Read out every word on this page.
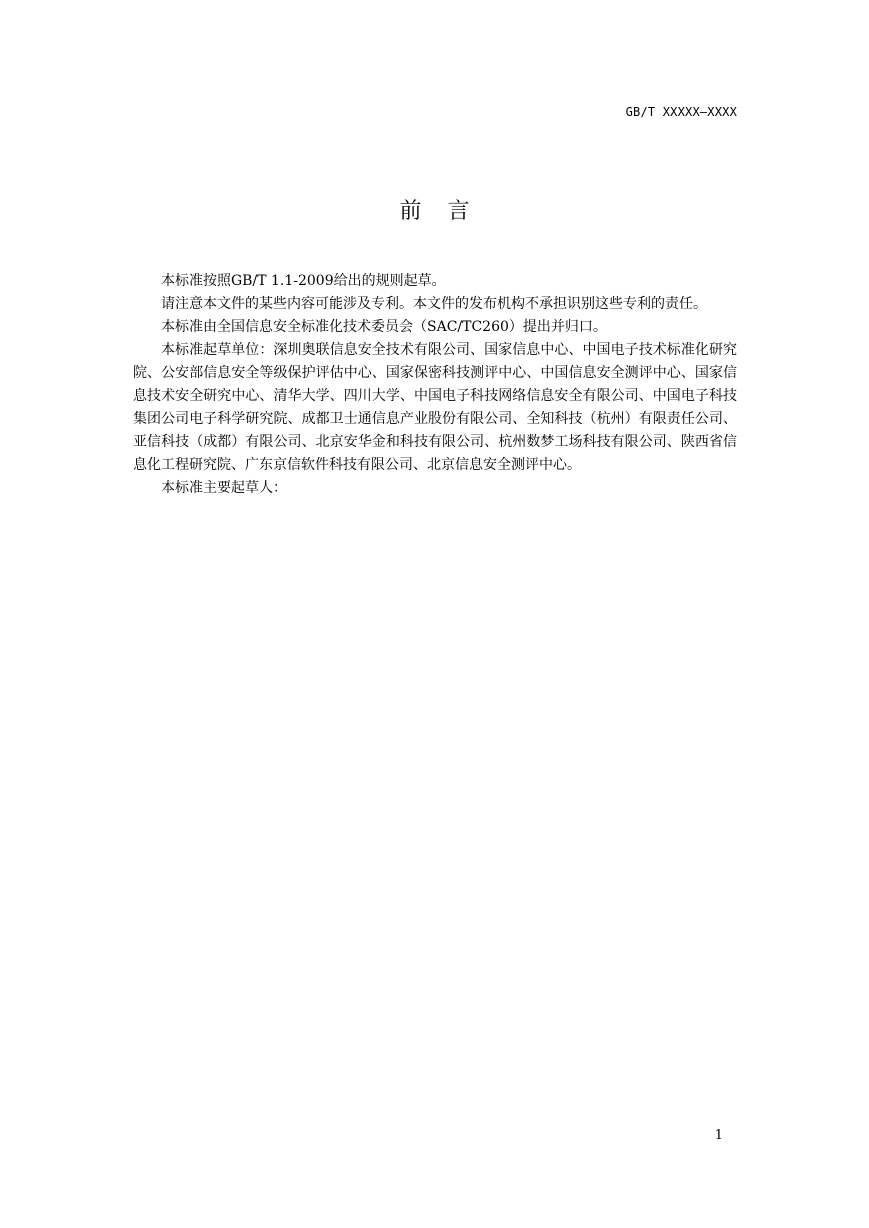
GB/T XXXXX—XXXX
前言

本标准按照GB/T 1.1-2009给出的规则起草。

请注意本文件的某些内容可能涉及专利。本文件的发布机构不承担识别这些专利的责任。

本标准由全国信息安全标准化技术委员会（SAC/TC260）提出并归口。

本标准起草单位：深圳奥联信息安全技术有限公司、国家信息中心、中国电子技术标准化研究院、公安部信息安全等级保护评估中心、国家保密科技测评中心、中国信息安全测评中心、国家信息技术安全研究中心、清华大学、四川大学、中国电子科技网络信息安全有限公司、中国电子科技集团公司电子科学研究院、成都卫士通信息产业股份有限公司、全知科技（杭州）有限责任公司、亚信科技（成都）有限公司、北京安华金和科技有限公司、杭州数梦工场科技有限公司、陕西省信息化工程研究院、广东京信软件科技有限公司、北京信息安全测评中心。

本标准主要起草人：

1
